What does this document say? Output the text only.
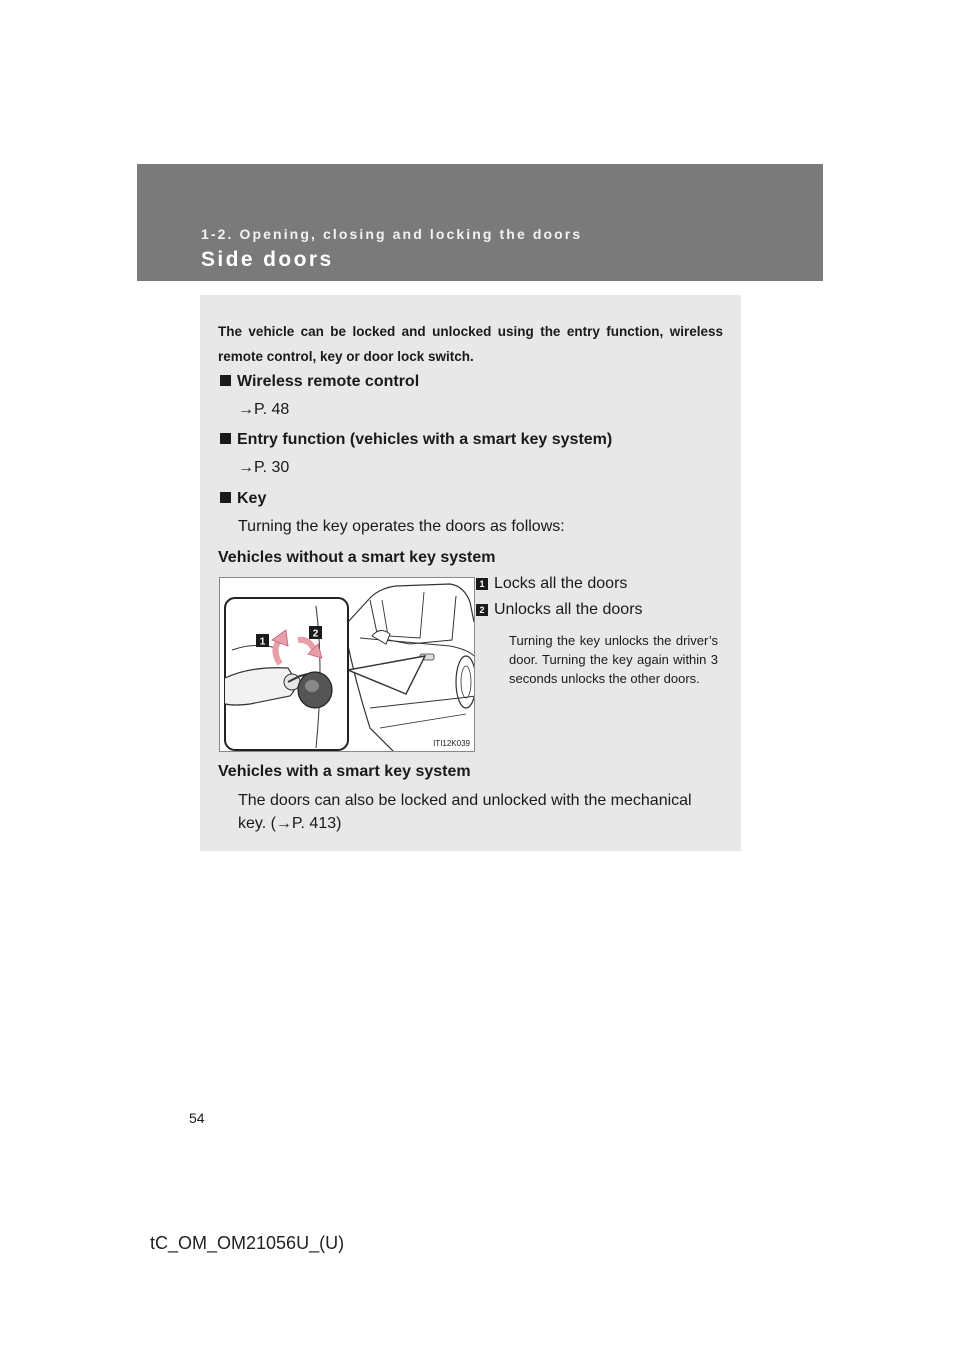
1-2. Opening, closing and locking the doors
Side doors
The vehicle can be locked and unlocked using the entry function, wireless remote control, key or door lock switch.
Wireless remote control
→P. 48
Entry function (vehicles with a smart key system)
→P. 30
Key
Turning the key operates the doors as follows:
Vehicles without a smart key system
1
2
ITI12K039
1 Locks all the doors
2 Unlocks all the doors
Turning the key unlocks the driver’s door. Turning the key again within 3 seconds unlocks the other doors.
Vehicles with a smart key system
The doors can also be locked and unlocked with the mechanical key. (→P. 413)
54
tC_OM_OM21056U_(U)
